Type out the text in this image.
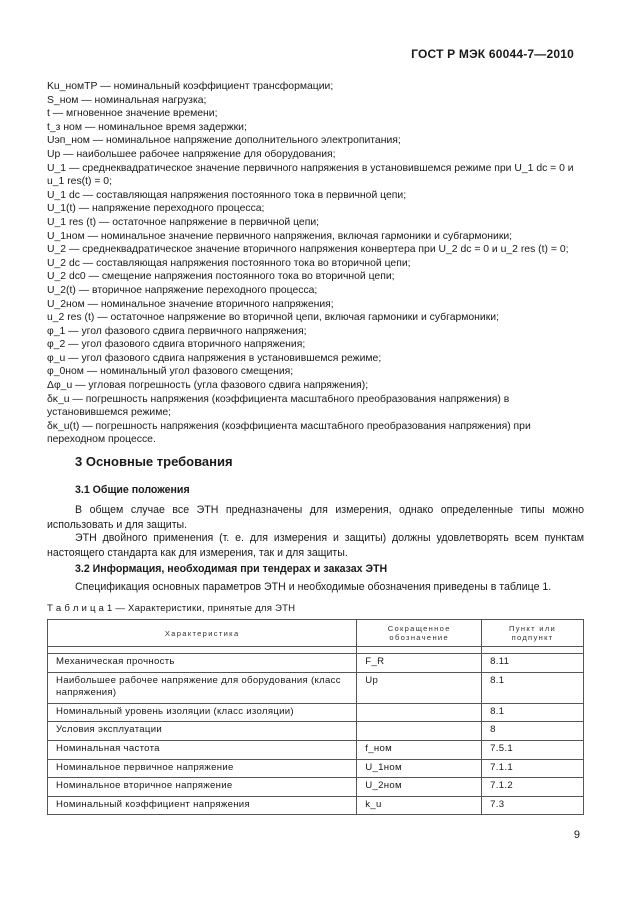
ГОСТ Р МЭК 60044-7—2010
Ku_номТР — номинальный коэффициент трансформации;
S_ном — номинальная нагрузка;
t — мгновенное значение времени;
t_з ном — номинальное время задержки;
Uэп_ном — номинальное напряжение дополнительного электропитания;
Uр — наибольшее рабочее напряжение для оборудования;
U_1 — среднеквадратическое значение первичного напряжения в установившемся режиме при U_1 dc = 0 и u_1 res(t) = 0;
U_1 dc — составляющая напряжения постоянного тока в первичной цепи;
U_1(t) — напряжение переходного процесса;
U_1 res (t) — остаточное напряжение в первичной цепи;
U_1ном — номинальное значение первичного напряжения, включая гармоники и субгармоники;
U_2 — среднеквадратическое значение вторичного напряжения конвертера при U_2 dc = 0 и u_2 res (t) = 0;
U_2 dc — составляющая напряжения постоянного тока во вторичной цепи;
U_2 dc0 — смещение напряжения постоянного тока во вторичной цепи;
U_2(t) — вторичное напряжение переходного процесса;
U_2ном — номинальное значение вторичного напряжения;
u_2 res (t) — остаточное напряжение во вторичной цепи, включая гармоники и субгармоники;
φ_1 — угол фазового сдвига первичного напряжения;
φ_2 — угол фазового сдвига вторичного напряжения;
φ_u — угол фазового сдвига напряжения в установившемся режиме;
φ_0ном — номинальный угол фазового смещения;
Δφ_u — угловая погрешность (угла фазового сдвига напряжения);
δκ_u — погрешность напряжения (коэффициента масштабного преобразования напряжения) в установившемся режиме;
δκ_u(t) — погрешность напряжения (коэффициента масштабного преобразования напряжения) при переходном процессе.
3 Основные требования
3.1 Общие положения
В общем случае все ЭТН предназначены для измерения, однако определенные типы можно использовать и для защиты.
ЭТН двойного применения (т. е. для измерения и защиты) должны удовлетворять всем пунктам настоящего стандарта как для измерения, так и для защиты.
3.2 Информация, необходимая при тендерах и заказах ЭТН
Спецификация основных параметров ЭТН и необходимые обозначения приведены в таблице 1.
Т а б л и ц а 1 — Характеристики, принятые для ЭТН
Характеристика	Сокращенное обозначение	Пункт или подпункт

Механическая прочность	F_R	8.11
Наибольшее рабочее напряжение для оборудования (класс напряжения)	Uр	8.1
Номинальный уровень изоляции (класс изоляции)		8.1
Условия эксплуатации		8
Номинальная частота	f_ном	7.5.1
Номинальное первичное напряжение	U_1ном	7.1.1
Номинальное вторичное напряжение	U_2ном	7.1.2
Номинальный коэффициент напряжения	k_u	7.3
9
